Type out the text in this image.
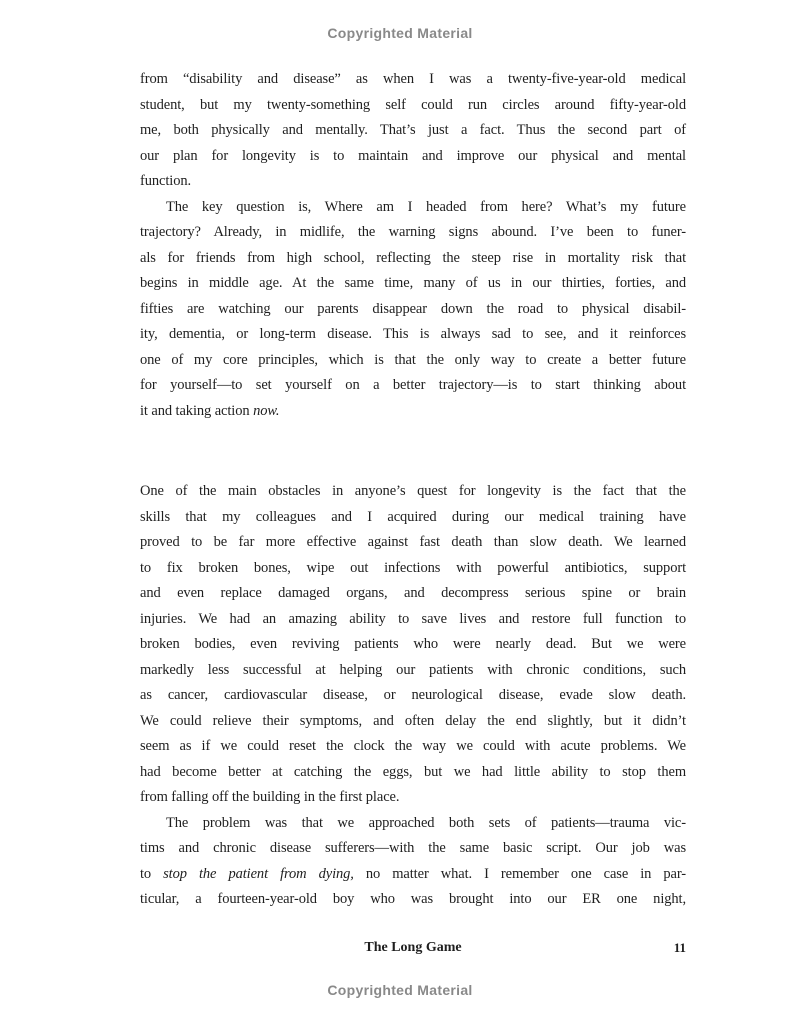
Copyrighted Material
from “disability and disease” as when I was a twenty-five-year-old medical
student, but my twenty-something self could run circles around fifty-year-old
me, both physically and mentally. That’s just a fact. Thus the second part of
our plan for longevity is to maintain and improve our physical and mental
function.
The key question is, Where am I headed from here? What’s my future
trajectory? Already, in midlife, the warning signs abound. I’ve been to funer-
als for friends from high school, reflecting the steep rise in mortality risk that
begins in middle age. At the same time, many of us in our thirties, forties, and
fifties are watching our parents disappear down the road to physical disabil-
ity, dementia, or long-term disease. This is always sad to see, and it reinforces
one of my core principles, which is that the only way to create a better future
for yourself—to set yourself on a better trajectory—is to start thinking about
it and taking action now.
One of the main obstacles in anyone’s quest for longevity is the fact that the
skills that my colleagues and I acquired during our medical training have
proved to be far more effective against fast death than slow death. We learned
to fix broken bones, wipe out infections with powerful antibiotics, support
and even replace damaged organs, and decompress serious spine or brain
injuries. We had an amazing ability to save lives and restore full function to
broken bodies, even reviving patients who were nearly dead. But we were
markedly less successful at helping our patients with chronic conditions, such
as cancer, cardiovascular disease, or neurological disease, evade slow death.
We could relieve their symptoms, and often delay the end slightly, but it didn’t
seem as if we could reset the clock the way we could with acute problems. We
had become better at catching the eggs, but we had little ability to stop them
from falling off the building in the first place.
The problem was that we approached both sets of patients—trauma vic-
tims and chronic disease sufferers—with the same basic script. Our job was
to stop the patient from dying, no matter what. I remember one case in par-
ticular, a fourteen-year-old boy who was brought into our ER one night,
The Long Game	11
Copyrighted Material
